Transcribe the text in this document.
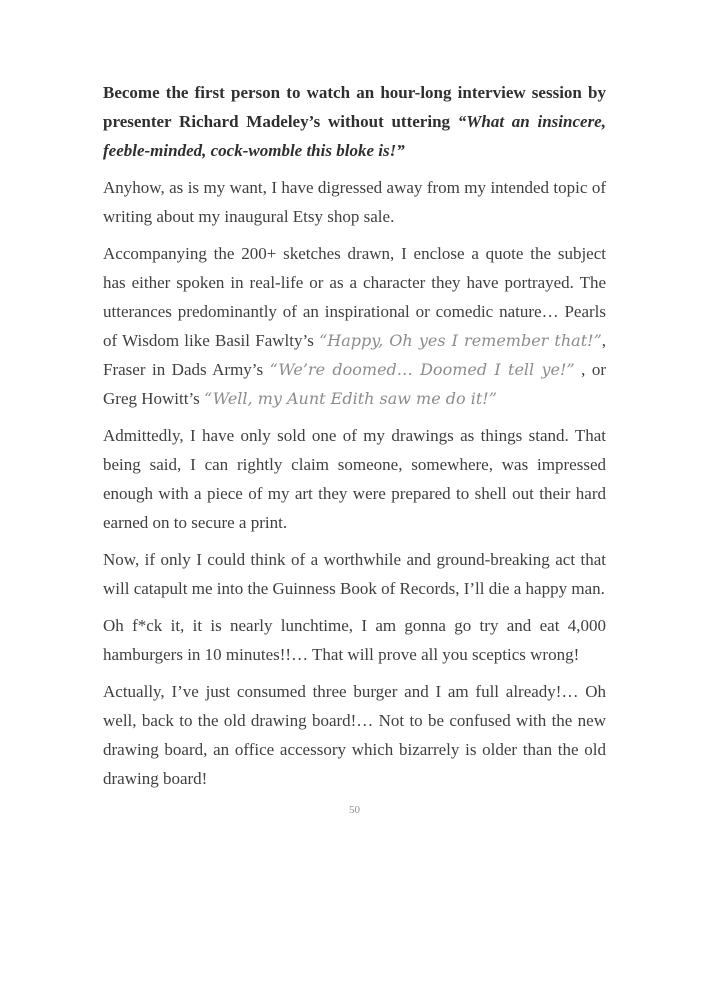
Become the first person to watch an hour-long interview session by presenter Richard Madeley’s without uttering “What an insincere, feeble-minded, cock-womble this bloke is!”

Anyhow, as is my want, I have digressed away from my intended topic of writing about my inaugural Etsy shop sale.

Accompanying the 200+ sketches drawn, I enclose a quote the subject has either spoken in real-life or as a character they have portrayed. The utterances predominantly of an inspirational or comedic nature… Pearls of Wisdom like Basil Fawlty’s “Happy, Oh yes I remember that!”, Fraser in Dads Army’s “We’re doomed… Doomed I tell ye!” , or Greg Howitt’s “Well, my Aunt Edith saw me do it!”

Admittedly, I have only sold one of my drawings as things stand. That being said, I can rightly claim someone, somewhere, was impressed enough with a piece of my art they were prepared to shell out their hard earned on to secure a print.

Now, if only I could think of a worthwhile and ground-breaking act that will catapult me into the Guinness Book of Records, I’ll die a happy man.

Oh f*ck it, it is nearly lunchtime, I am gonna go try and eat 4,000 hamburgers in 10 minutes!!… That will prove all you sceptics wrong!

Actually, I’ve just consumed three burger and I am full already!… Oh well, back to the old drawing board!… Not to be confused with the new drawing board, an office accessory which bizarrely is older than the old drawing board!

50
